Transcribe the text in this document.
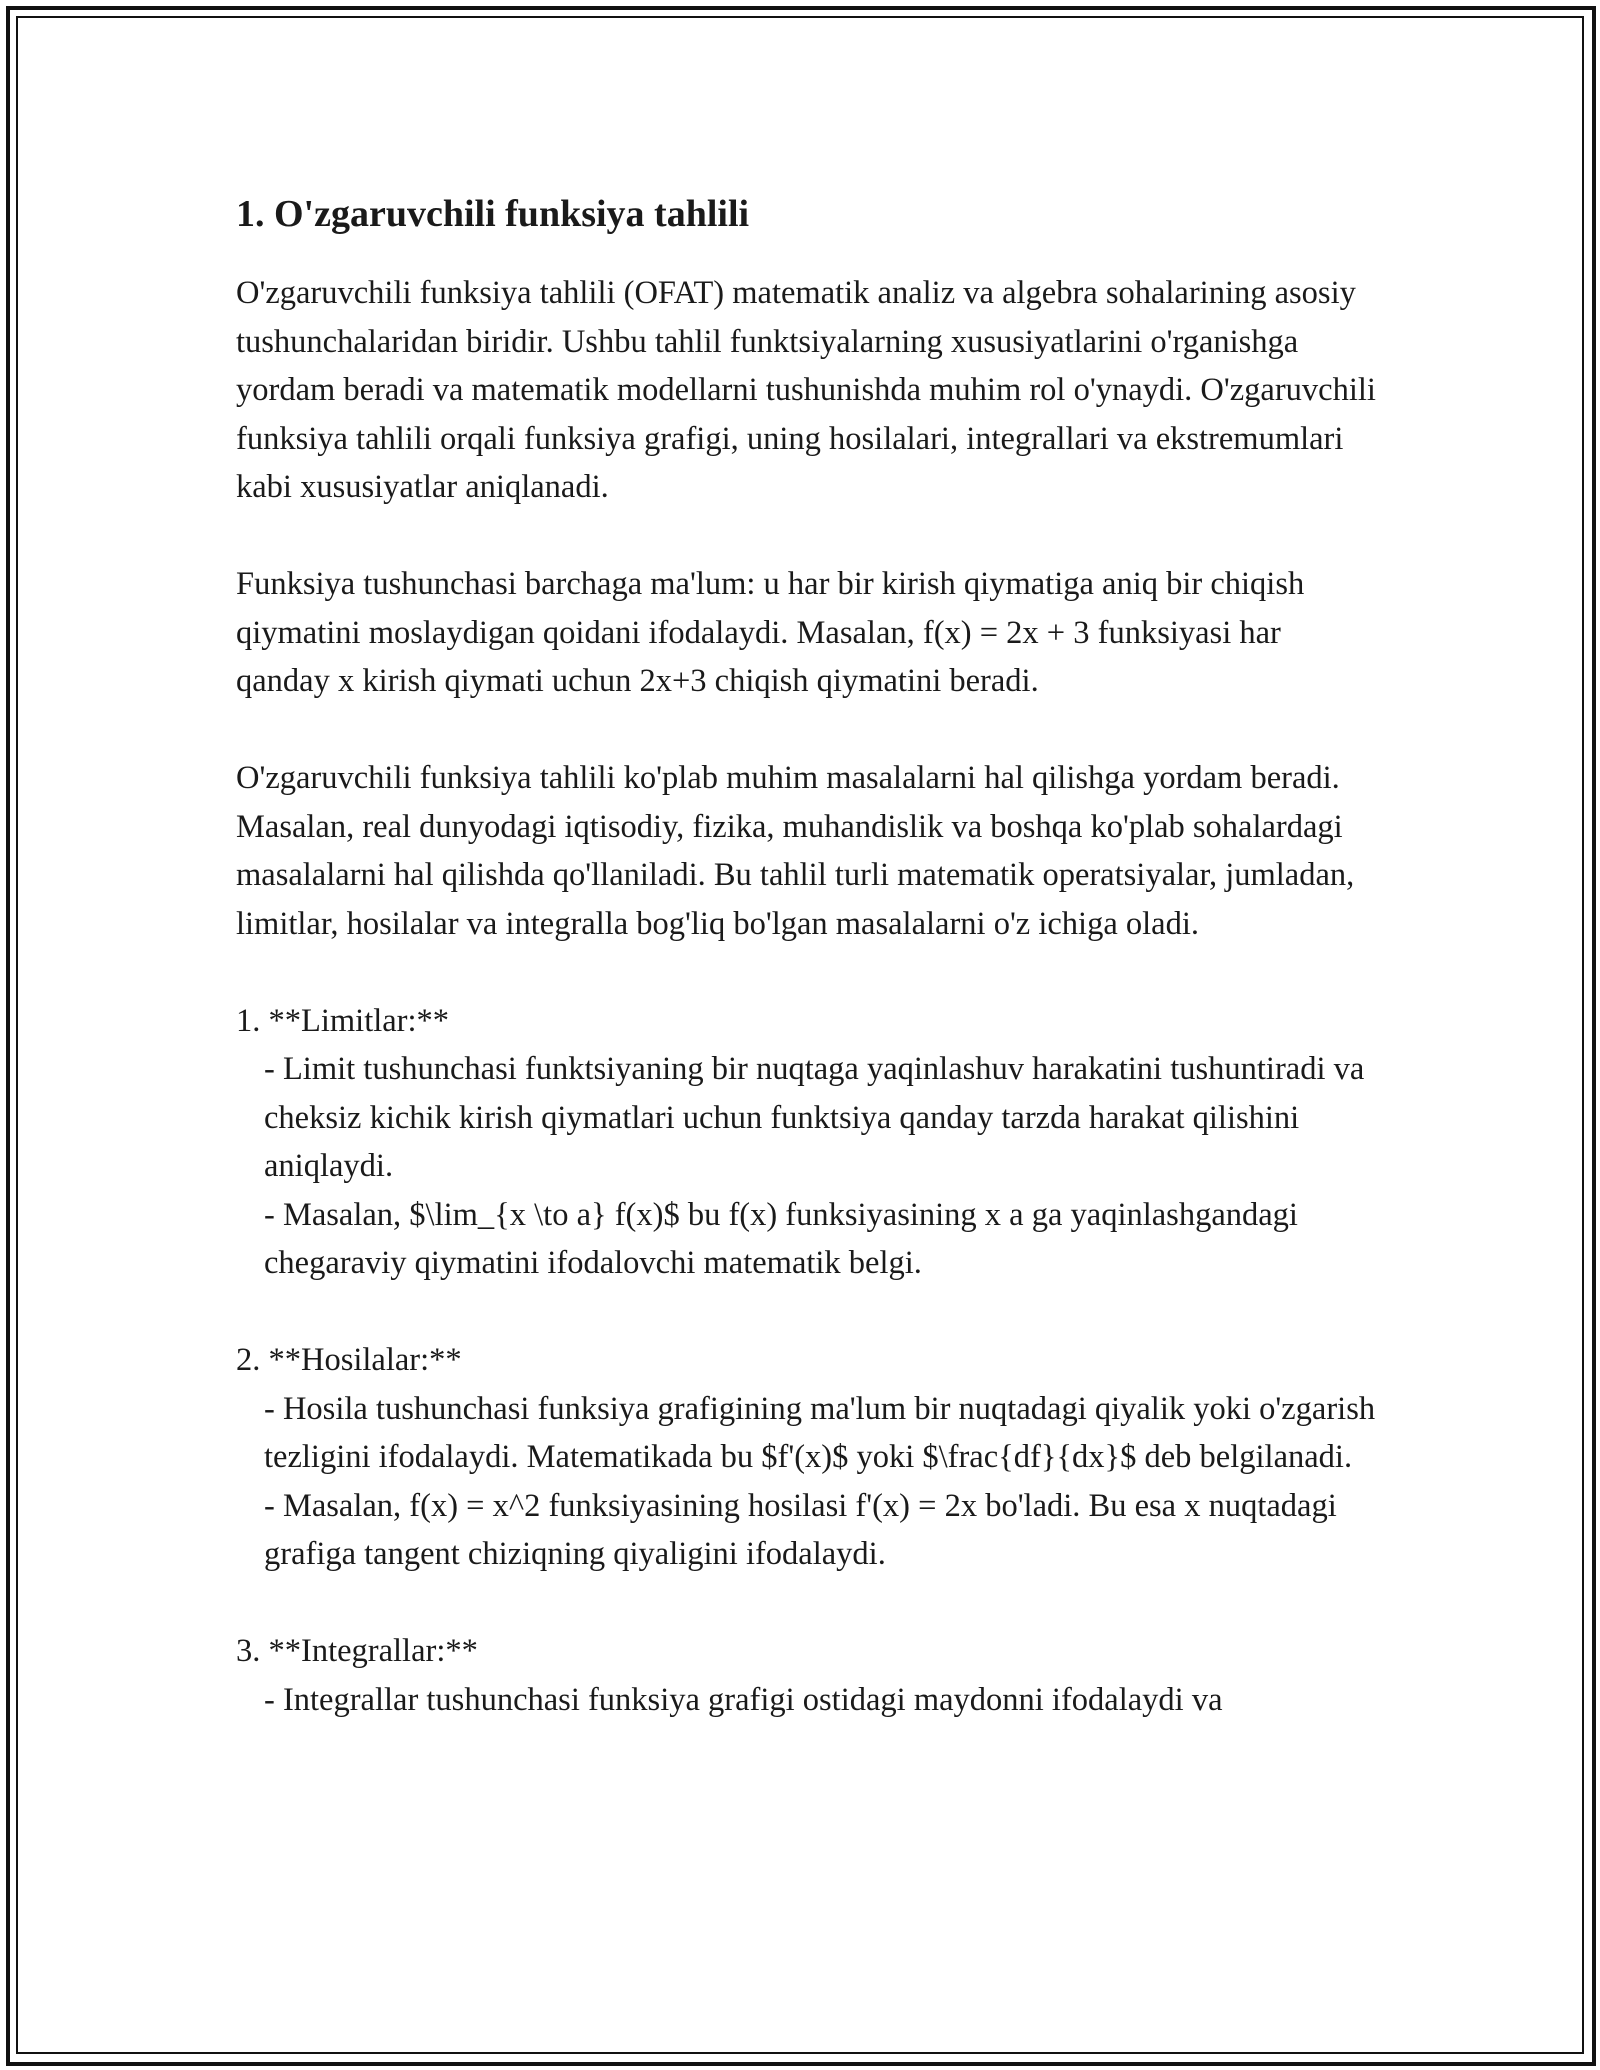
1. O'zgaruvchili funksiya tahlili

O'zgaruvchili funksiya tahlili (OFAT) matematik analiz va algebra sohalarining asosiy tushunchalaridan biridir. Ushbu tahlil funktsiyalarning xususiyatlarini o'rganishga yordam beradi va matematik modellarni tushunishda muhim rol o'ynaydi. O'zgaruvchili funksiya tahlili orqali funksiya grafigi, uning hosilalari, integrallari va ekstremumlari kabi xususiyatlar aniqlanadi.

Funksiya tushunchasi barchaga ma'lum: u har bir kirish qiymatiga aniq bir chiqish qiymatini moslaydigan qoidani ifodalaydi. Masalan, f(x) = 2x + 3 funksiyasi har qanday x kirish qiymati uchun 2x+3 chiqish qiymatini beradi.

O'zgaruvchili funksiya tahlili ko'plab muhim masalalarni hal qilishga yordam beradi. Masalan, real dunyodagi iqtisodiy, fizika, muhandislik va boshqa ko'plab sohalardagi masalalarni hal qilishda qo'llaniladi. Bu tahlil turli matematik operatsiyalar, jumladan, limitlar, hosilalar va integralla bog'liq bo'lgan masalalarni o'z ichiga oladi.

1. **Limitlar:**

- Limit tushunchasi funktsiyaning bir nuqtaga yaqinlashuv harakatini tushuntiradi va cheksiz kichik kirish qiymatlari uchun funktsiya qanday tarzda harakat qilishini aniqlaydi.

- Masalan, $\lim_{x \to a} f(x)$ bu f(x) funksiyasining x a ga yaqinlashgandagi chegaraviy qiymatini ifodalovchi matematik belgi.

2. **Hosilalar:**

- Hosila tushunchasi funksiya grafigining ma'lum bir nuqtadagi qiyalik yoki o'zgarish tezligini ifodalaydi. Matematikada bu $f'(x)$ yoki $\frac{df}{dx}$ deb belgilanadi.

- Masalan, f(x) = x^2 funksiyasining hosilasi f'(x) = 2x bo'ladi. Bu esa x nuqtadagi grafiga tangent chiziqning qiyaligini ifodalaydi.

3. **Integrallar:**

- Integrallar tushunchasi funksiya grafigi ostidagi maydonni ifodalaydi va
